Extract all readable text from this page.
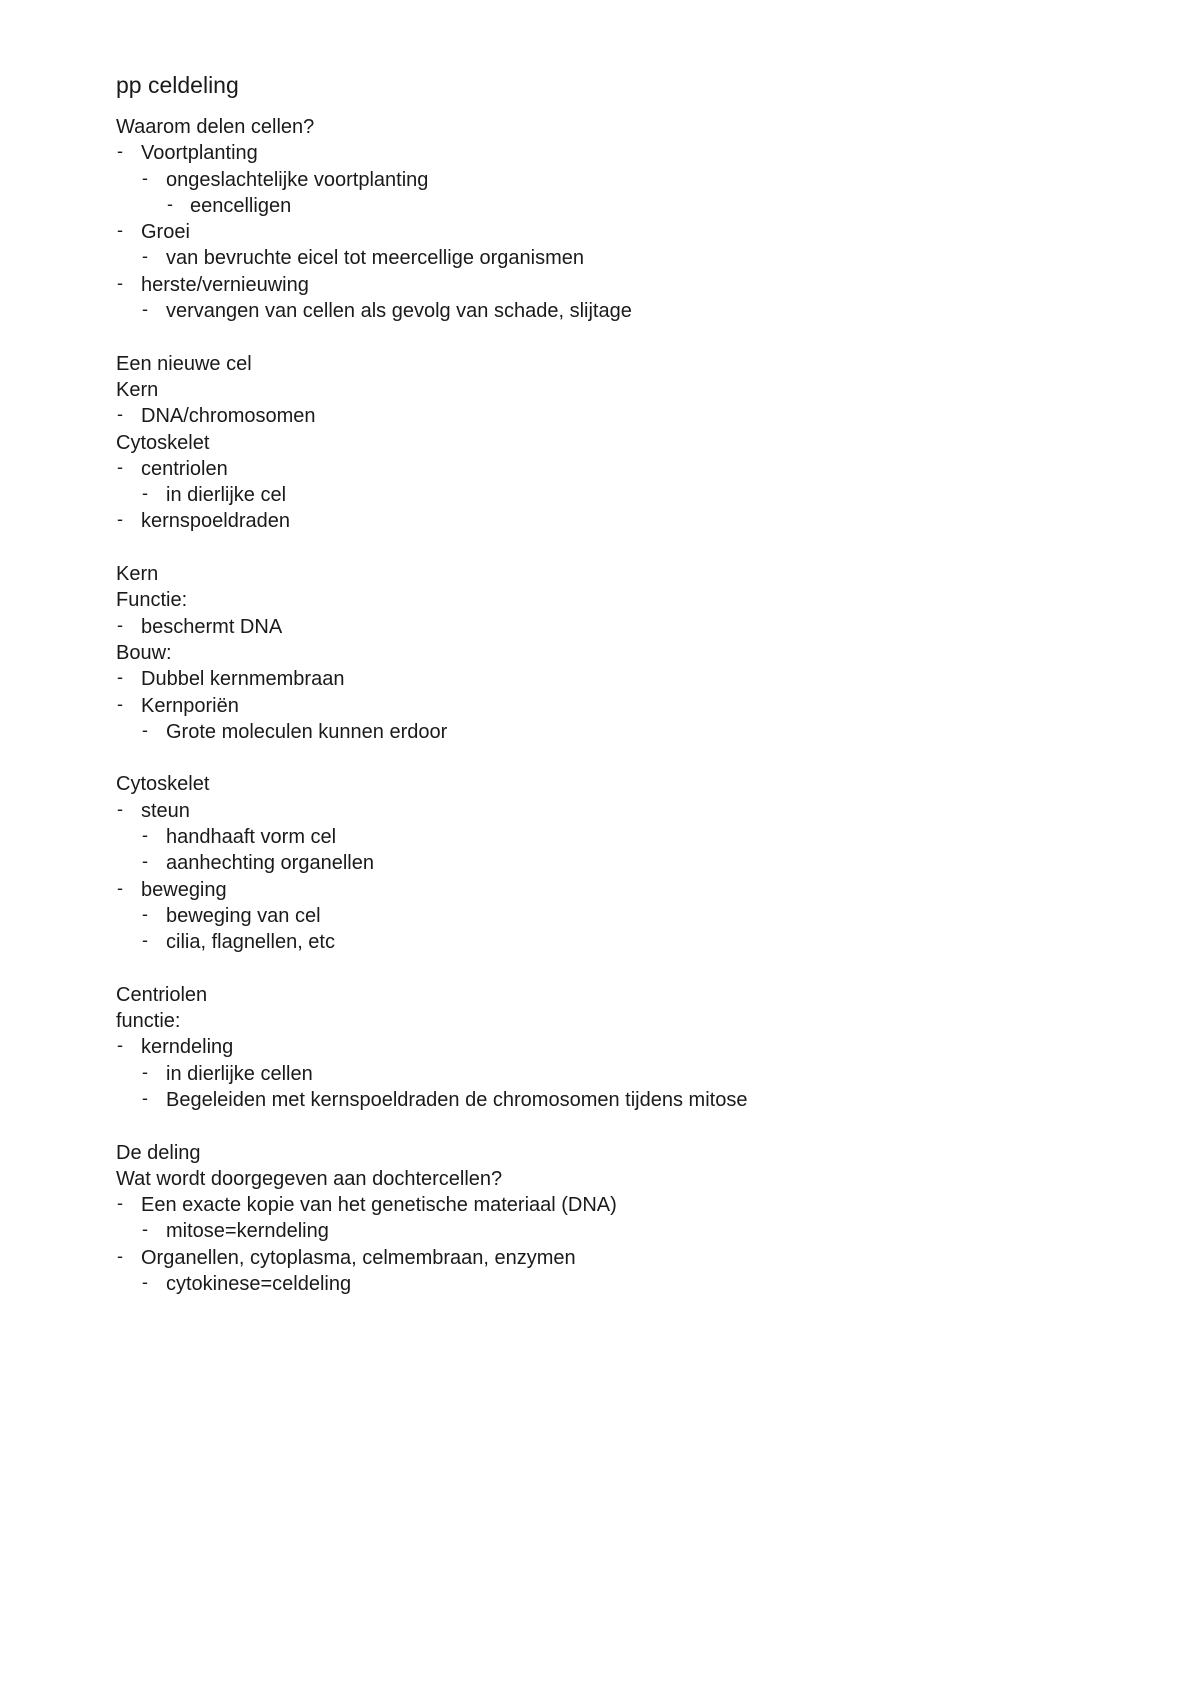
pp celdeling
Waarom delen cellen?
- Voortplanting
- ongeslachtelijke voortplanting
- eencelligen
- Groei
- van bevruchte eicel tot meercellige organismen
- herste/vernieuwing
- vervangen van cellen als gevolg van schade, slijtage
Een nieuwe cel
Kern
- DNA/chromosomen
Cytoskelet
- centriolen
- in dierlijke cel
- kernspoeldraden
Kern
Functie:
- beschermt DNA
Bouw:
- Dubbel kernmembraan
- Kernporiën
- Grote moleculen kunnen erdoor
Cytoskelet
- steun
- handhaaft vorm cel
- aanhechting organellen
- beweging
- beweging van cel
- cilia, flagnellen, etc
Centriolen
functie:
- kerndeling
- in dierlijke cellen
- Begeleiden met kernspoeldraden de chromosomen tijdens mitose
De deling
Wat wordt doorgegeven aan dochtercellen?
- Een exacte kopie van het genetische materiaal (DNA)
- mitose=kerndeling
- Organellen, cytoplasma, celmembraan, enzymen
- cytokinese=celdeling
